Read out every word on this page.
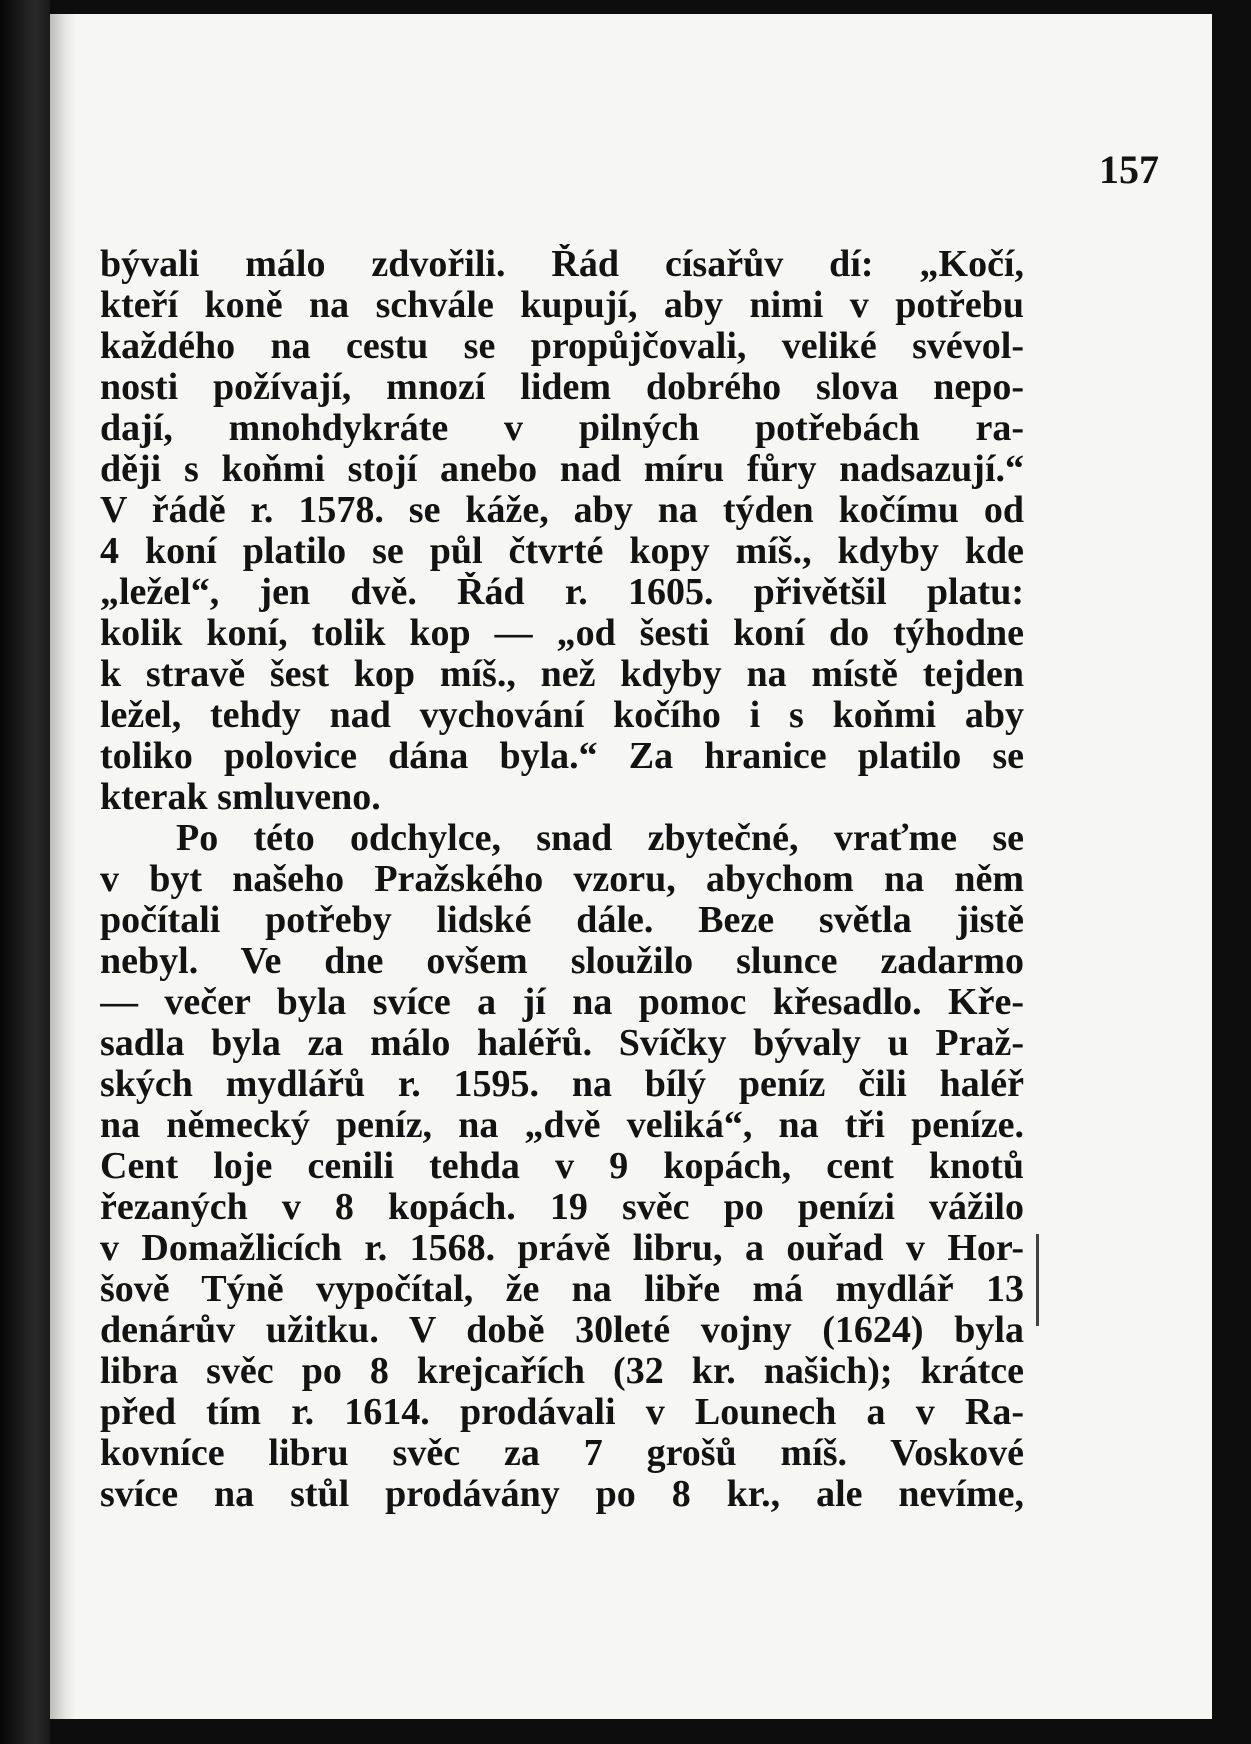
157

bývali málo zdvořili. Řád císařův dí: „Kočí,
kteří koně na schvále kupují, aby nimi v potřebu
každého na cestu se propůjčovali, veliké svévol-
nosti požívají, mnozí lidem dobrého slova nepo-
dají, mnohdykráte v pilných potřebách ra-
ději s koňmi stojí anebo nad míru fůry nadsazují.“
V řádě r. 1578. se káže, aby na týden kočímu od
4 koní platilo se půl čtvrté kopy míš., kdyby kde
„ležel“, jen dvě. Řád r. 1605. přivětšil platu:
kolik koní, tolik kop — „od šesti koní do týhodne
k stravě šest kop míš., než kdyby na místě tejden
ležel, tehdy nad vychování kočího i s koňmi aby
toliko polovice dána byla.“ Za hranice platilo se
kterak smluveno.
Po této odchylce, snad zbytečné, vraťme se
v byt našeho Pražského vzoru, abychom na něm
počítali potřeby lidské dále. Beze světla jistě
nebyl. Ve dne ovšem sloužilo slunce zadarmo
— večer byla svíce a jí na pomoc křesadlo. Kře-
sadla byla za málo haléřů. Svíčky bývaly u Praž-
ských mydlářů r. 1595. na bílý peníz čili haléř
na německý peníz, na „dvě veliká“, na tři peníze.
Cent loje cenili tehda v 9 kopách, cent knotů
řezaných v 8 kopách. 19 svěc po penízi vážilo
v Domažlicích r. 1568. právě libru, a ouřad v Hor-
šově Týně vypočítal, že na libře má mydlář 13
denárův užitku. V době 30leté vojny (1624) byla
libra svěc po 8 krejcařích (32 kr. našich); krátce
před tím r. 1614. prodávali v Lounech a v Ra-
kovníce libru svěc za 7 grošů míš. Voskové
svíce na stůl prodávány po 8 kr., ale nevíme,
